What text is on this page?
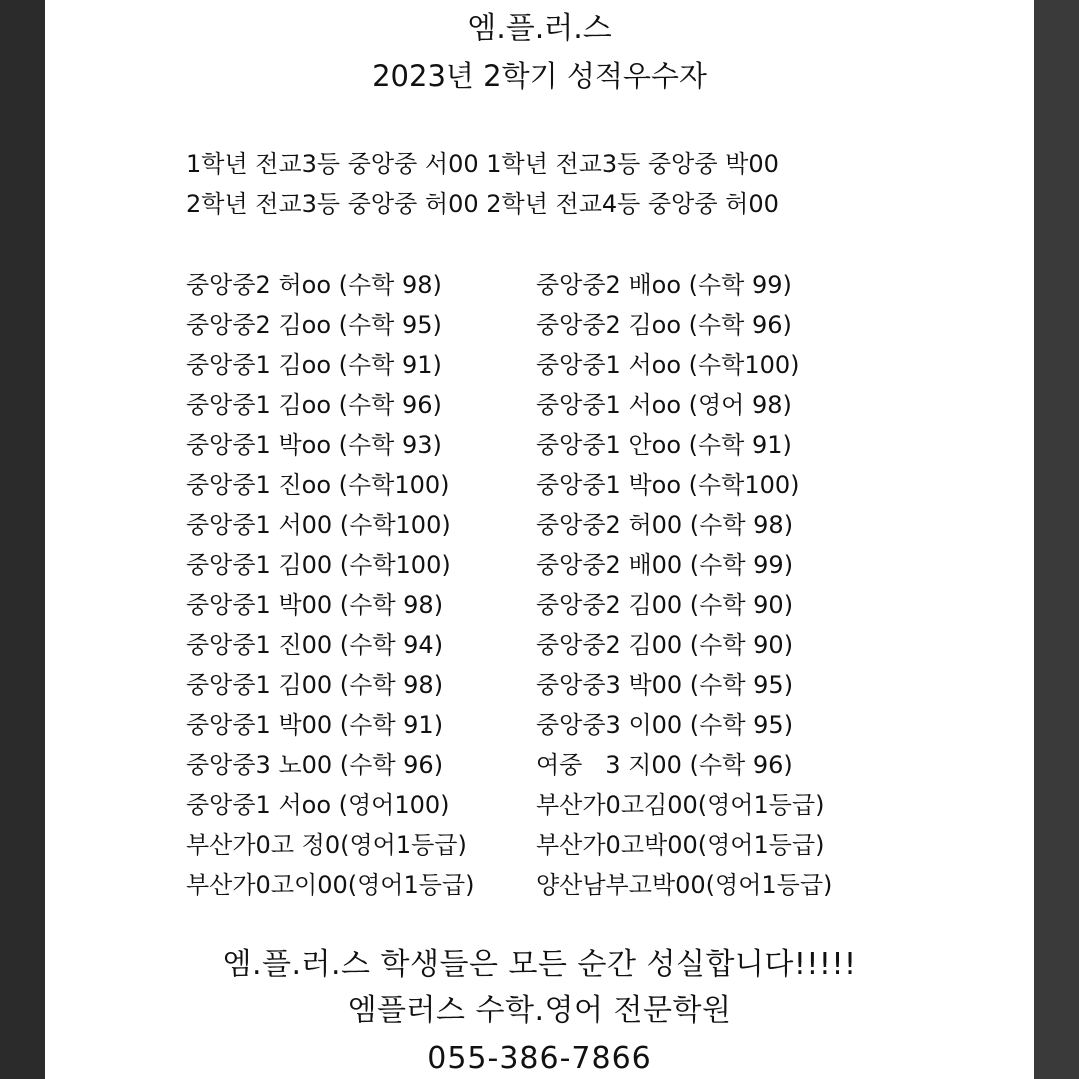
엠.플.러.스
2023년 2학기 성적우수자
1학년 전교3등 중앙중 서00 1학년 전교3등 중앙중 박00
2학년 전교3등 중앙중 허00 2학년 전교4등 중앙중 허00
중앙중2 허oo (수학 98)
중앙중2 김oo (수학 95)
중앙중1 김oo (수학 91)
중앙중1 김oo (수학 96)
중앙중1 박oo (수학 93)
중앙중1 진oo (수학100)
중앙중1 서00 (수학100)
중앙중1 김00 (수학100)
중앙중1 박00 (수학 98)
중앙중1 진00 (수학 94)
중앙중1 김00 (수학 98)
중앙중1 박00 (수학 91)
중앙중3 노00 (수학 96)
중앙중1 서oo (영어100)
부산가0고 정0(영어1등급)
부산가0고이00(영어1등급)
중앙중2 배oo (수학 99)
중앙중2 김oo (수학 96)
중앙중1 서oo (수학100)
중앙중1 서oo (영어 98)
중앙중1 안oo (수학 91)
중앙중1 박oo (수학100)
중앙중2 허00 (수학 98)
중앙중2 배00 (수학 99)
중앙중2 김00 (수학 90)
중앙중2 김00 (수학 90)
중앙중3 박00 (수학 95)
중앙중3 이00 (수학 95)
여중   3 지00 (수학 96)
부산가0고김00(영어1등급)
부산가0고박00(영어1등급)
양산남부고박00(영어1등급)
엠.플.러.스 학생들은 모든 순간 성실합니다!!!!!
엠플러스 수학.영어 전문학원
055-386-7866
